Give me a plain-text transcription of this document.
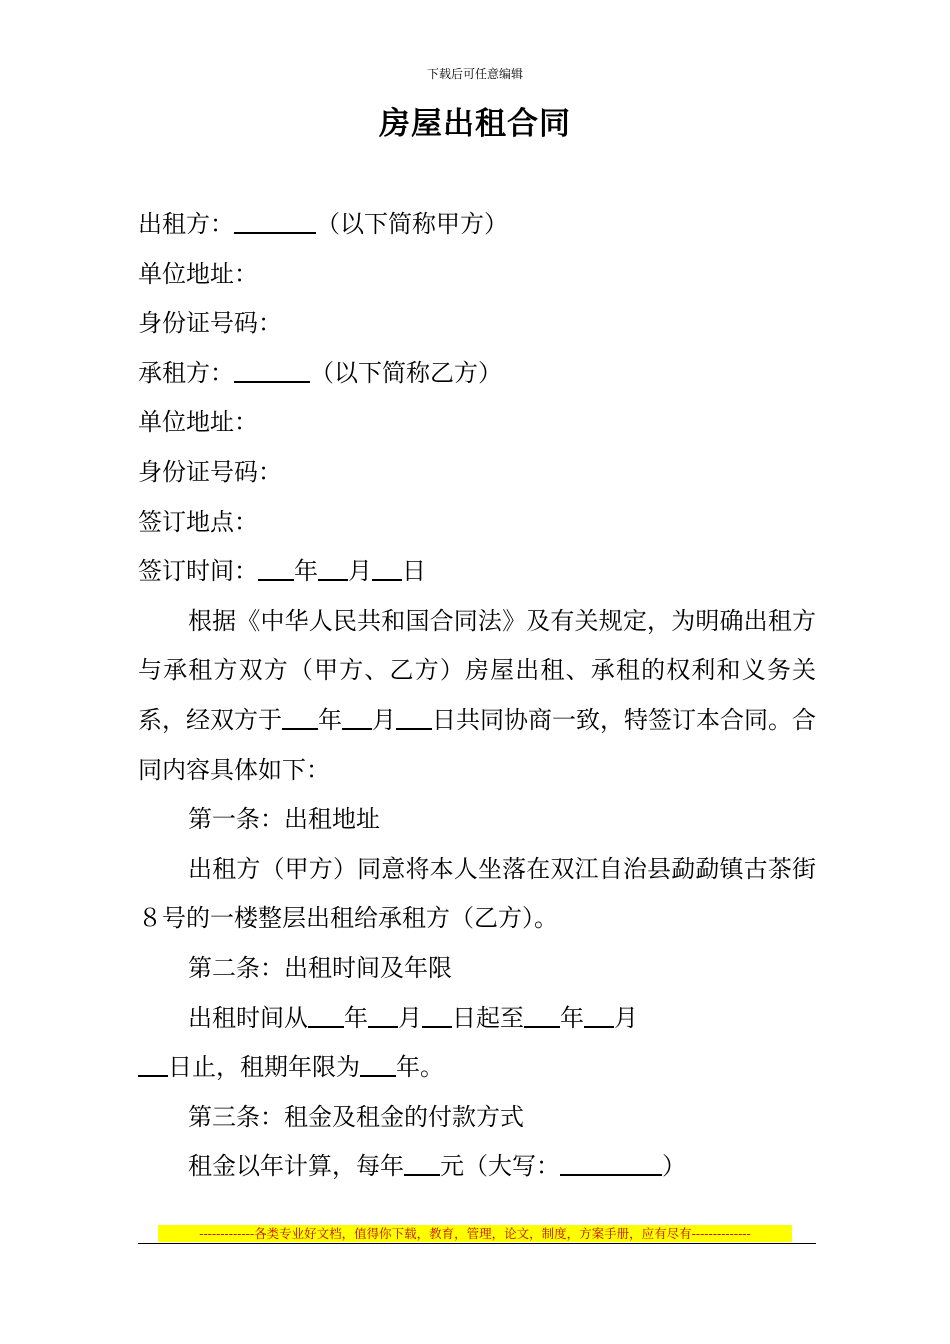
下载后可任意编辑
房屋出租合同
出租方：	（以下简称甲方）
单位地址：
身份证号码：
承租方：	（以下简称乙方）
单位地址：
身份证号码：
签订地点：
签订时间： 年 月 日
根据《中华人民共和国合同法》及有关规定，为明确出租方与承租方双方（甲方、乙方）房屋出租、承租的权利和义务关系，经双方于 年 月 日共同协商一致，特签订本合同。合同内容具体如下：
第一条：出租地址
出租方（甲方）同意将本人坐落在双江自治县勐勐镇古茶街８号的一楼整层出租给承租方（乙方）。
第二条：出租时间及年限
出租时间从 年 月 日起至 年 月
日止，租期年限为 年。
第三条：租金及租金的付款方式
租金以年计算，每年 元（大写：	）
-------------各类专业好文档，值得你下载，教育，管理，论文，制度，方案手册，应有尽有--------------
